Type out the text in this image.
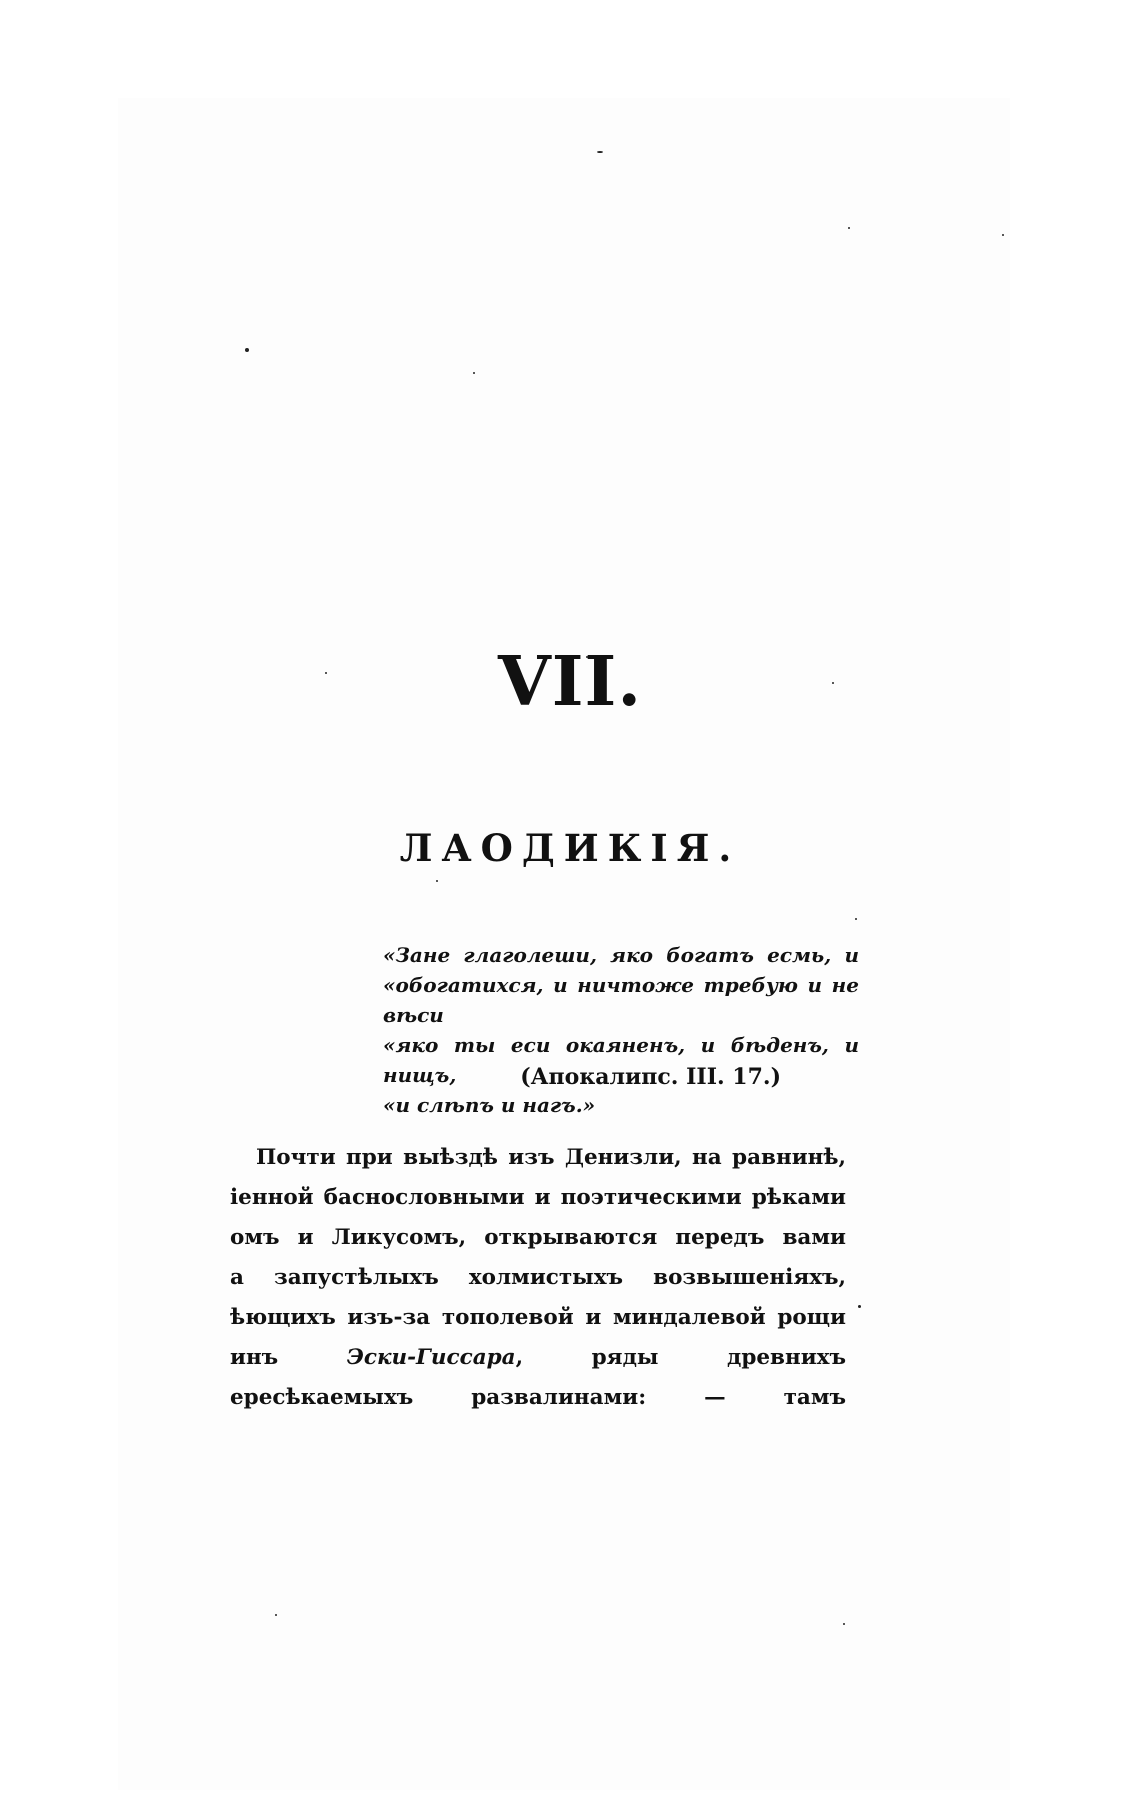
VII.
ЛАОДИКІЯ.
«Зане глаголеши, яко богатъ есмь, и
«обогатихся, и ничтоже требую и не вѣси
«яко ты еси окаяненъ, и бѣденъ, и нищъ,
«и слѣпъ и нагъ.»
(Апокалипс. III. 17.)
Почти при выѣздѣ изъ Денизли, на равнинѣ,
іенной баснословными и поэтическими рѣками
омъ и Ликусомъ, открываются передъ вами
а запустѣлыхъ холмистыхъ возвышеніяхъ,
ѣющихъ изъ-за тополевой и миндалевой рощи
инъ	Эски-Гиссара, ряды древнихъ
ересѣкаемыхъ развалинами: — тамъ
